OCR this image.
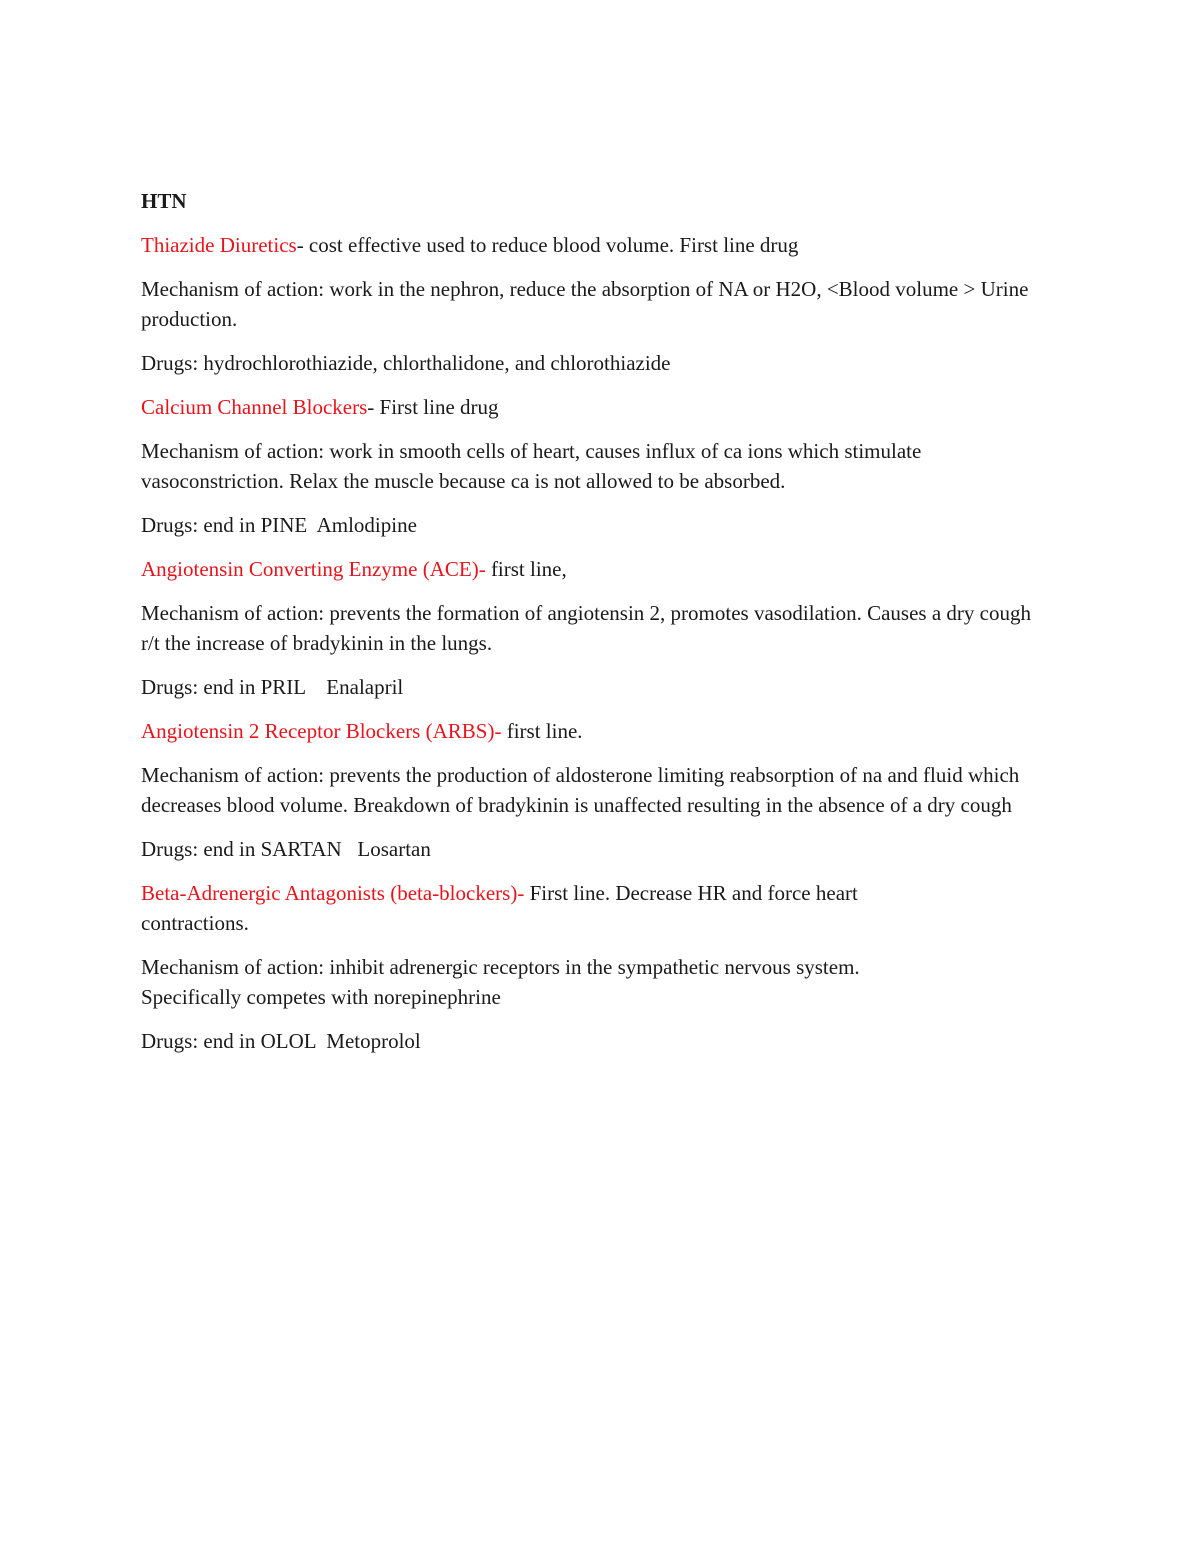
HTN

Thiazide Diuretics- cost effective used to reduce blood volume. First line drug

Mechanism of action: work in the nephron, reduce the absorption of NA or H2O, <Blood volume > Urine production.

Drugs: hydrochlorothiazide, chlorthalidone, and chlorothiazide

Calcium Channel Blockers- First line drug

Mechanism of action: work in smooth cells of heart, causes influx of ca ions which stimulate vasoconstriction. Relax the muscle because ca is not allowed to be absorbed.

Drugs: end in PINE  Amlodipine

Angiotensin Converting Enzyme (ACE)- first line,

Mechanism of action: prevents the formation of angiotensin 2, promotes vasodilation. Causes a dry cough r/t the increase of bradykinin in the lungs.

Drugs: end in PRIL    Enalapril

Angiotensin 2 Receptor Blockers (ARBS)- first line.

Mechanism of action: prevents the production of aldosterone limiting reabsorption of na and fluid which decreases blood volume. Breakdown of bradykinin is unaffected resulting in the absence of a dry cough

Drugs: end in SARTAN   Losartan

Beta-Adrenergic Antagonists (beta-blockers)- First line. Decrease HR and force heart contractions.

Mechanism of action: inhibit adrenergic receptors in the sympathetic nervous system. Specifically competes with norepinephrine

Drugs: end in OLOL  Metoprolol
